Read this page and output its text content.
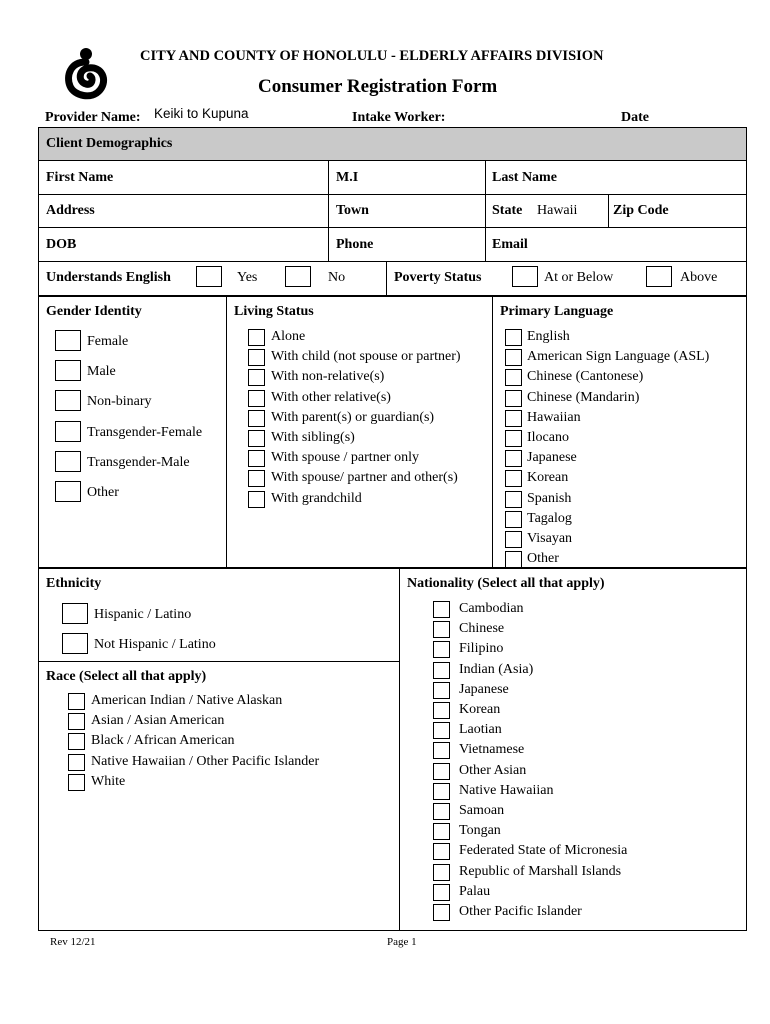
CITY AND COUNTY OF HONOLULU - ELDERLY AFFAIRS DIVISION
Consumer Registration Form
Provider Name: Keiki to Kupuna	Intake Worker:	Date
Client Demographics
First Name	M.I	Last Name
Address	Town	State Hawaii	Zip Code
DOB	Phone	Email
Understands English	Yes	No	Poverty Status	At or Below	Above
Gender Identity
Female
Male
Non-binary
Transgender-Female
Transgender-Male
Other
Living Status
Alone
With child (not spouse or partner)
With non-relative(s)
With other relative(s)
With parent(s) or guardian(s)
With sibling(s)
With spouse / partner only
With spouse/ partner and other(s)
With grandchild
Primary Language
English
American Sign Language (ASL)
Chinese (Cantonese)
Chinese (Mandarin)
Hawaiian
Ilocano
Japanese
Korean
Spanish
Tagalog
Visayan
Other
Ethnicity
Hispanic / Latino
Not Hispanic / Latino
Race (Select all that apply)
American Indian / Native Alaskan
Asian / Asian American
Black / African American
Native Hawaiian / Other Pacific Islander
White
Nationality (Select all that apply)
Cambodian
Chinese
Filipino
Indian (Asia)
Japanese
Korean
Laotian
Vietnamese
Other Asian
Native Hawaiian
Samoan
Tongan
Federated State of Micronesia
Republic of Marshall Islands
Palau
Other Pacific Islander
Rev 12/21	Page 1
